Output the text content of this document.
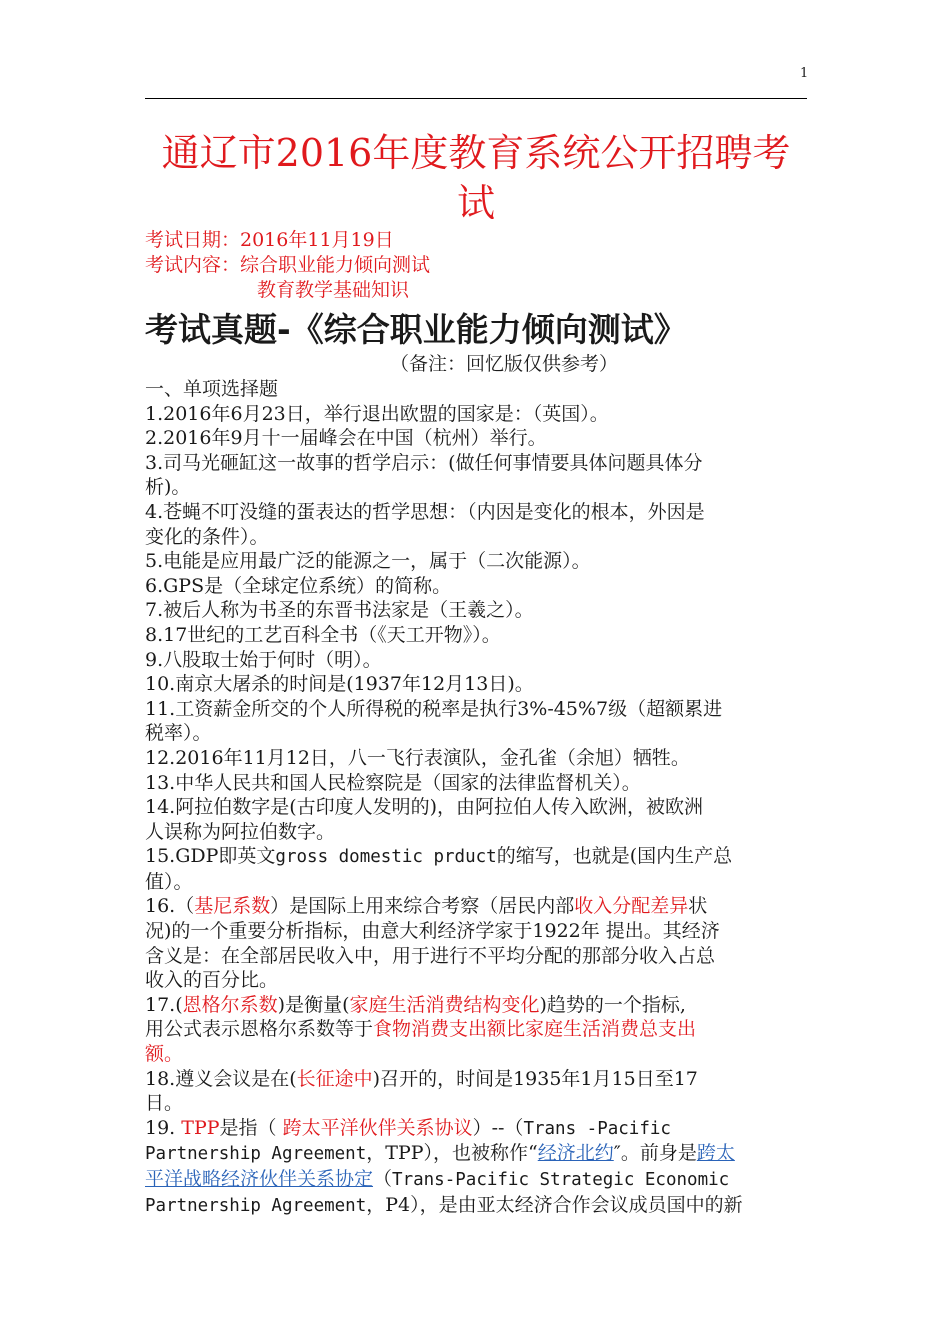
1
通辽市2016年度教育系统公开招聘考试
考试日期：2016年11月19日
考试内容：综合职业能力倾向测试
教育教学基础知识
考试真题-《综合职业能力倾向测试》
（备注：回忆版仅供参考）
一、单项选择题
1.2016年6月23日，举行退出欧盟的国家是：（英国）。
2.2016年9月十一届峰会在中国（杭州）举行。
3.司马光砸缸这一故事的哲学启示：(做任何事情要具体问题具体分
析)。
4.苍蝇不叮没缝的蛋表达的哲学思想：（内因是变化的根本，外因是
变化的条件）。
5.电能是应用最广泛的能源之一，属于（二次能源）。
6.GPS是（全球定位系统）的简称。
7.被后人称为书圣的东晋书法家是（王羲之）。
8.17世纪的工艺百科全书（《天工开物》）。
9.八股取士始于何时（明）。
10.南京大屠杀的时间是(1937年12月13日)。
11.工资薪金所交的个人所得税的税率是执行3%-45%7级（超额累进
税率）。
12.2016年11月12日，八一飞行表演队，金孔雀（余旭）牺牲。
13.中华人民共和国人民检察院是（国家的法律监督机关）。
14.阿拉伯数字是(古印度人发明的)，由阿拉伯人传入欧洲，被欧洲
人误称为阿拉伯数字。
15.GDP即英文gross domestic prduct的缩写，也就是(国内生产总
值）。
16.（基尼系数）是国际上用来综合考察（居民内部收入分配差异状
况)的一个重要分析指标，由意大利经济学家于1922年 提出。其经济
含义是：在全部居民收入中，用于进行不平均分配的那部分收入占总
收入的百分比。
17.(恩格尔系数)是衡量(家庭生活消费结构变化)趋势的一个指标,
用公式表示恩格尔系数等于食物消费支出额比家庭生活消费总支出
额。
18.遵义会议是在(长征途中)召开的，时间是1935年1月15日至17
日。
19. TPP是指（ 跨太平洋伙伴关系协议）--（Trans -Pacific
Partnership Agreement，TPP），也被称作“经济北约″。前身是跨太
平洋战略经济伙伴关系协定（Trans-Pacific Strategic Economic
Partnership Agreement，P4），是由亚太经济合作会议成员国中的新
